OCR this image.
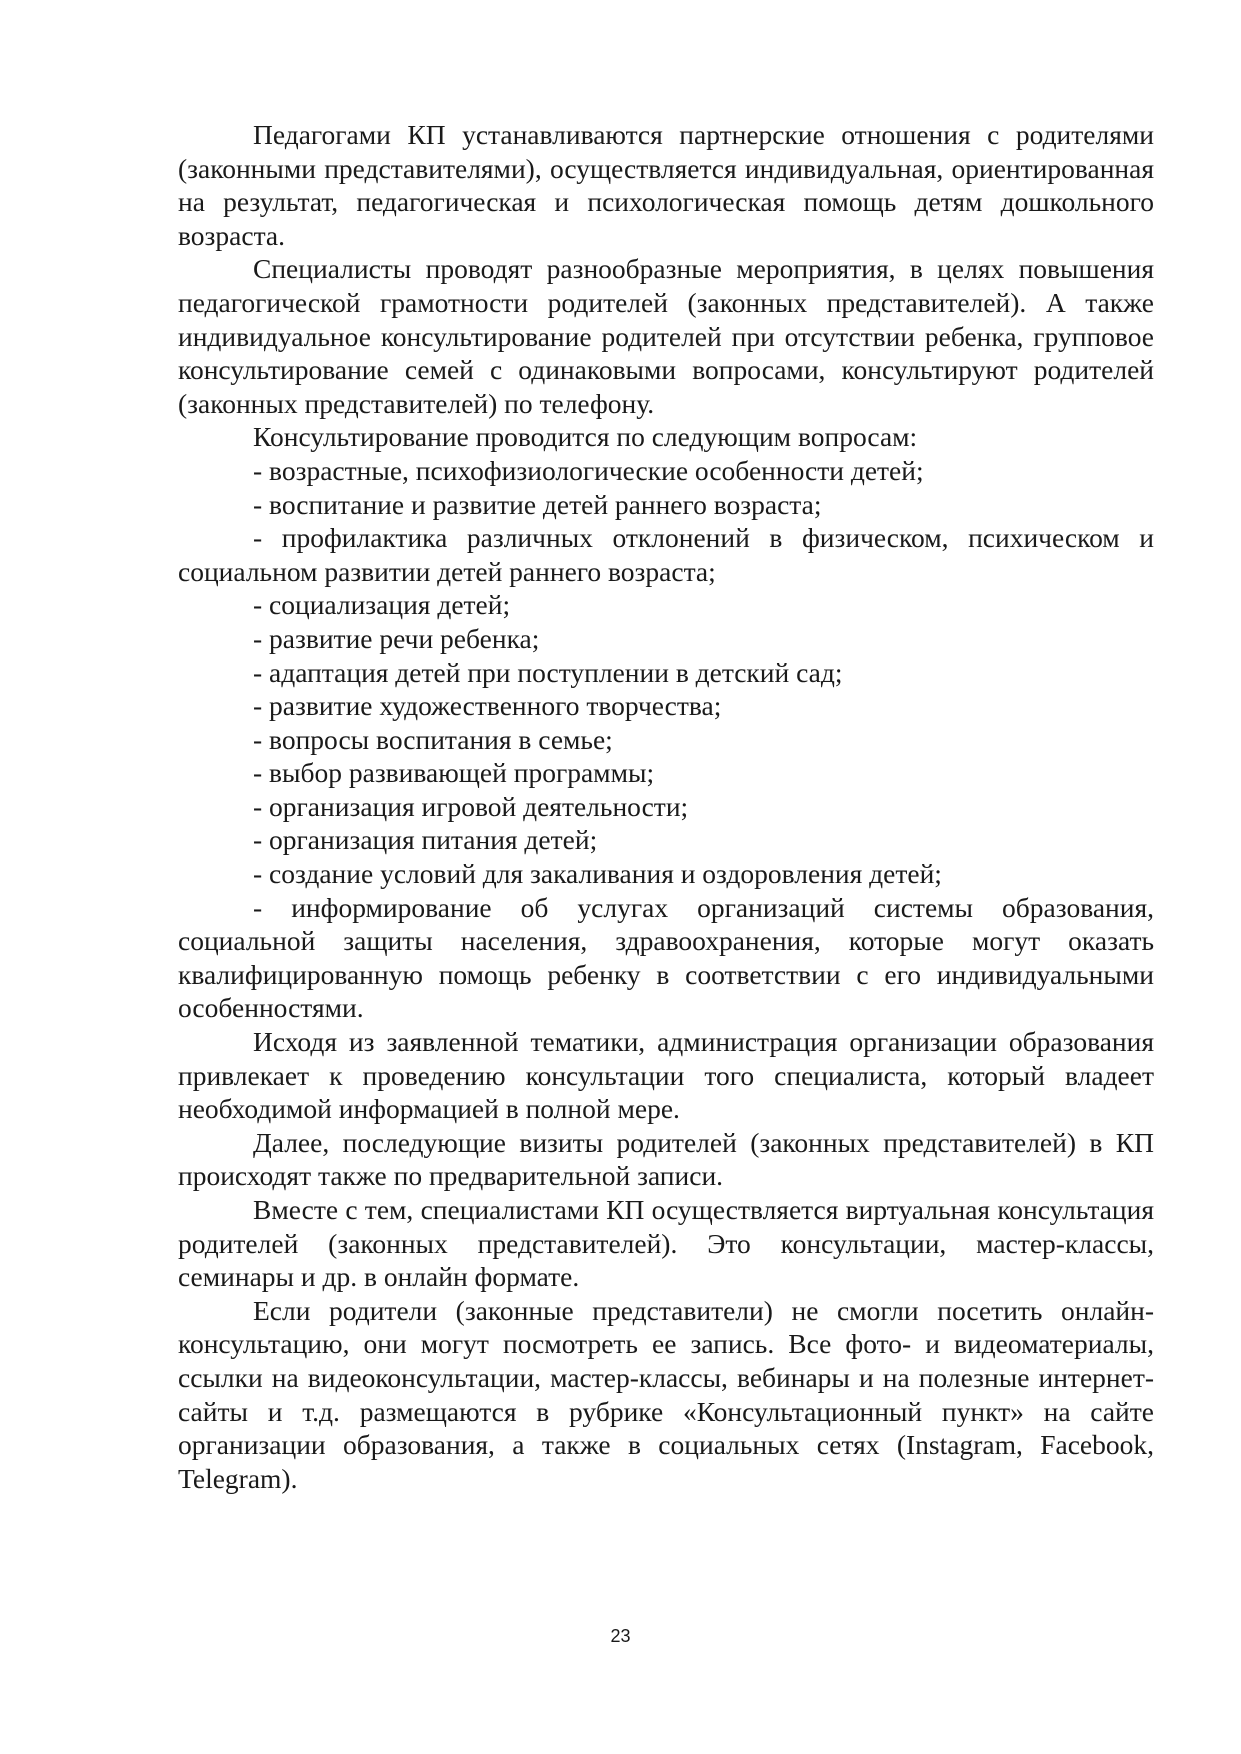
Педагогами КП устанавливаются партнерские отношения с родителями (законными представителями), осуществляется индивидуальная, ориентированная на результат, педагогическая и психологическая помощь детям дошкольного возраста.

Специалисты проводят разнообразные мероприятия, в целях повышения педагогической грамотности родителей (законных представителей). А также индивидуальное консультирование родителей при отсутствии ребенка, групповое консультирование семей с одинаковыми вопросами, консультируют родителей (законных представителей) по телефону.

Консультирование проводится по следующим вопросам:

- возрастные, психофизиологические особенности детей;

- воспитание и развитие детей раннего возраста;

- профилактика различных отклонений в физическом, психическом и социальном развитии детей раннего возраста;

- социализация детей;

- развитие речи ребенка;

- адаптация детей при поступлении в детский сад;

- развитие художественного творчества;

- вопросы воспитания в семье;

- выбор развивающей программы;

- организация игровой деятельности;

- организация питания детей;

- создание условий для закаливания и оздоровления детей;

- информирование об услугах организаций системы образования, социальной защиты населения, здравоохранения, которые могут оказать квалифицированную помощь ребенку в соответствии с его индивидуальными особенностями.

Исходя из заявленной тематики, администрация организации образования привлекает к проведению консультации того специалиста, который владеет необходимой информацией в полной мере.

Далее, последующие визиты родителей (законных представителей) в КП происходят также по предварительной записи.

Вместе с тем, специалистами КП осуществляется виртуальная консультация родителей (законных представителей). Это консультации, мастер-классы, семинары и др. в онлайн формате.

Если родители (законные представители) не смогли посетить онлайн-консультацию, они могут посмотреть ее запись. Все фото- и видеоматериалы, ссылки на видеоконсультации, мастер-классы, вебинары и на полезные интернет-сайты и т.д. размещаются в рубрике «Консультационный пункт» на сайте организации образования, а также в социальных сетях (Instagram, Facebook, Telegram).

23
